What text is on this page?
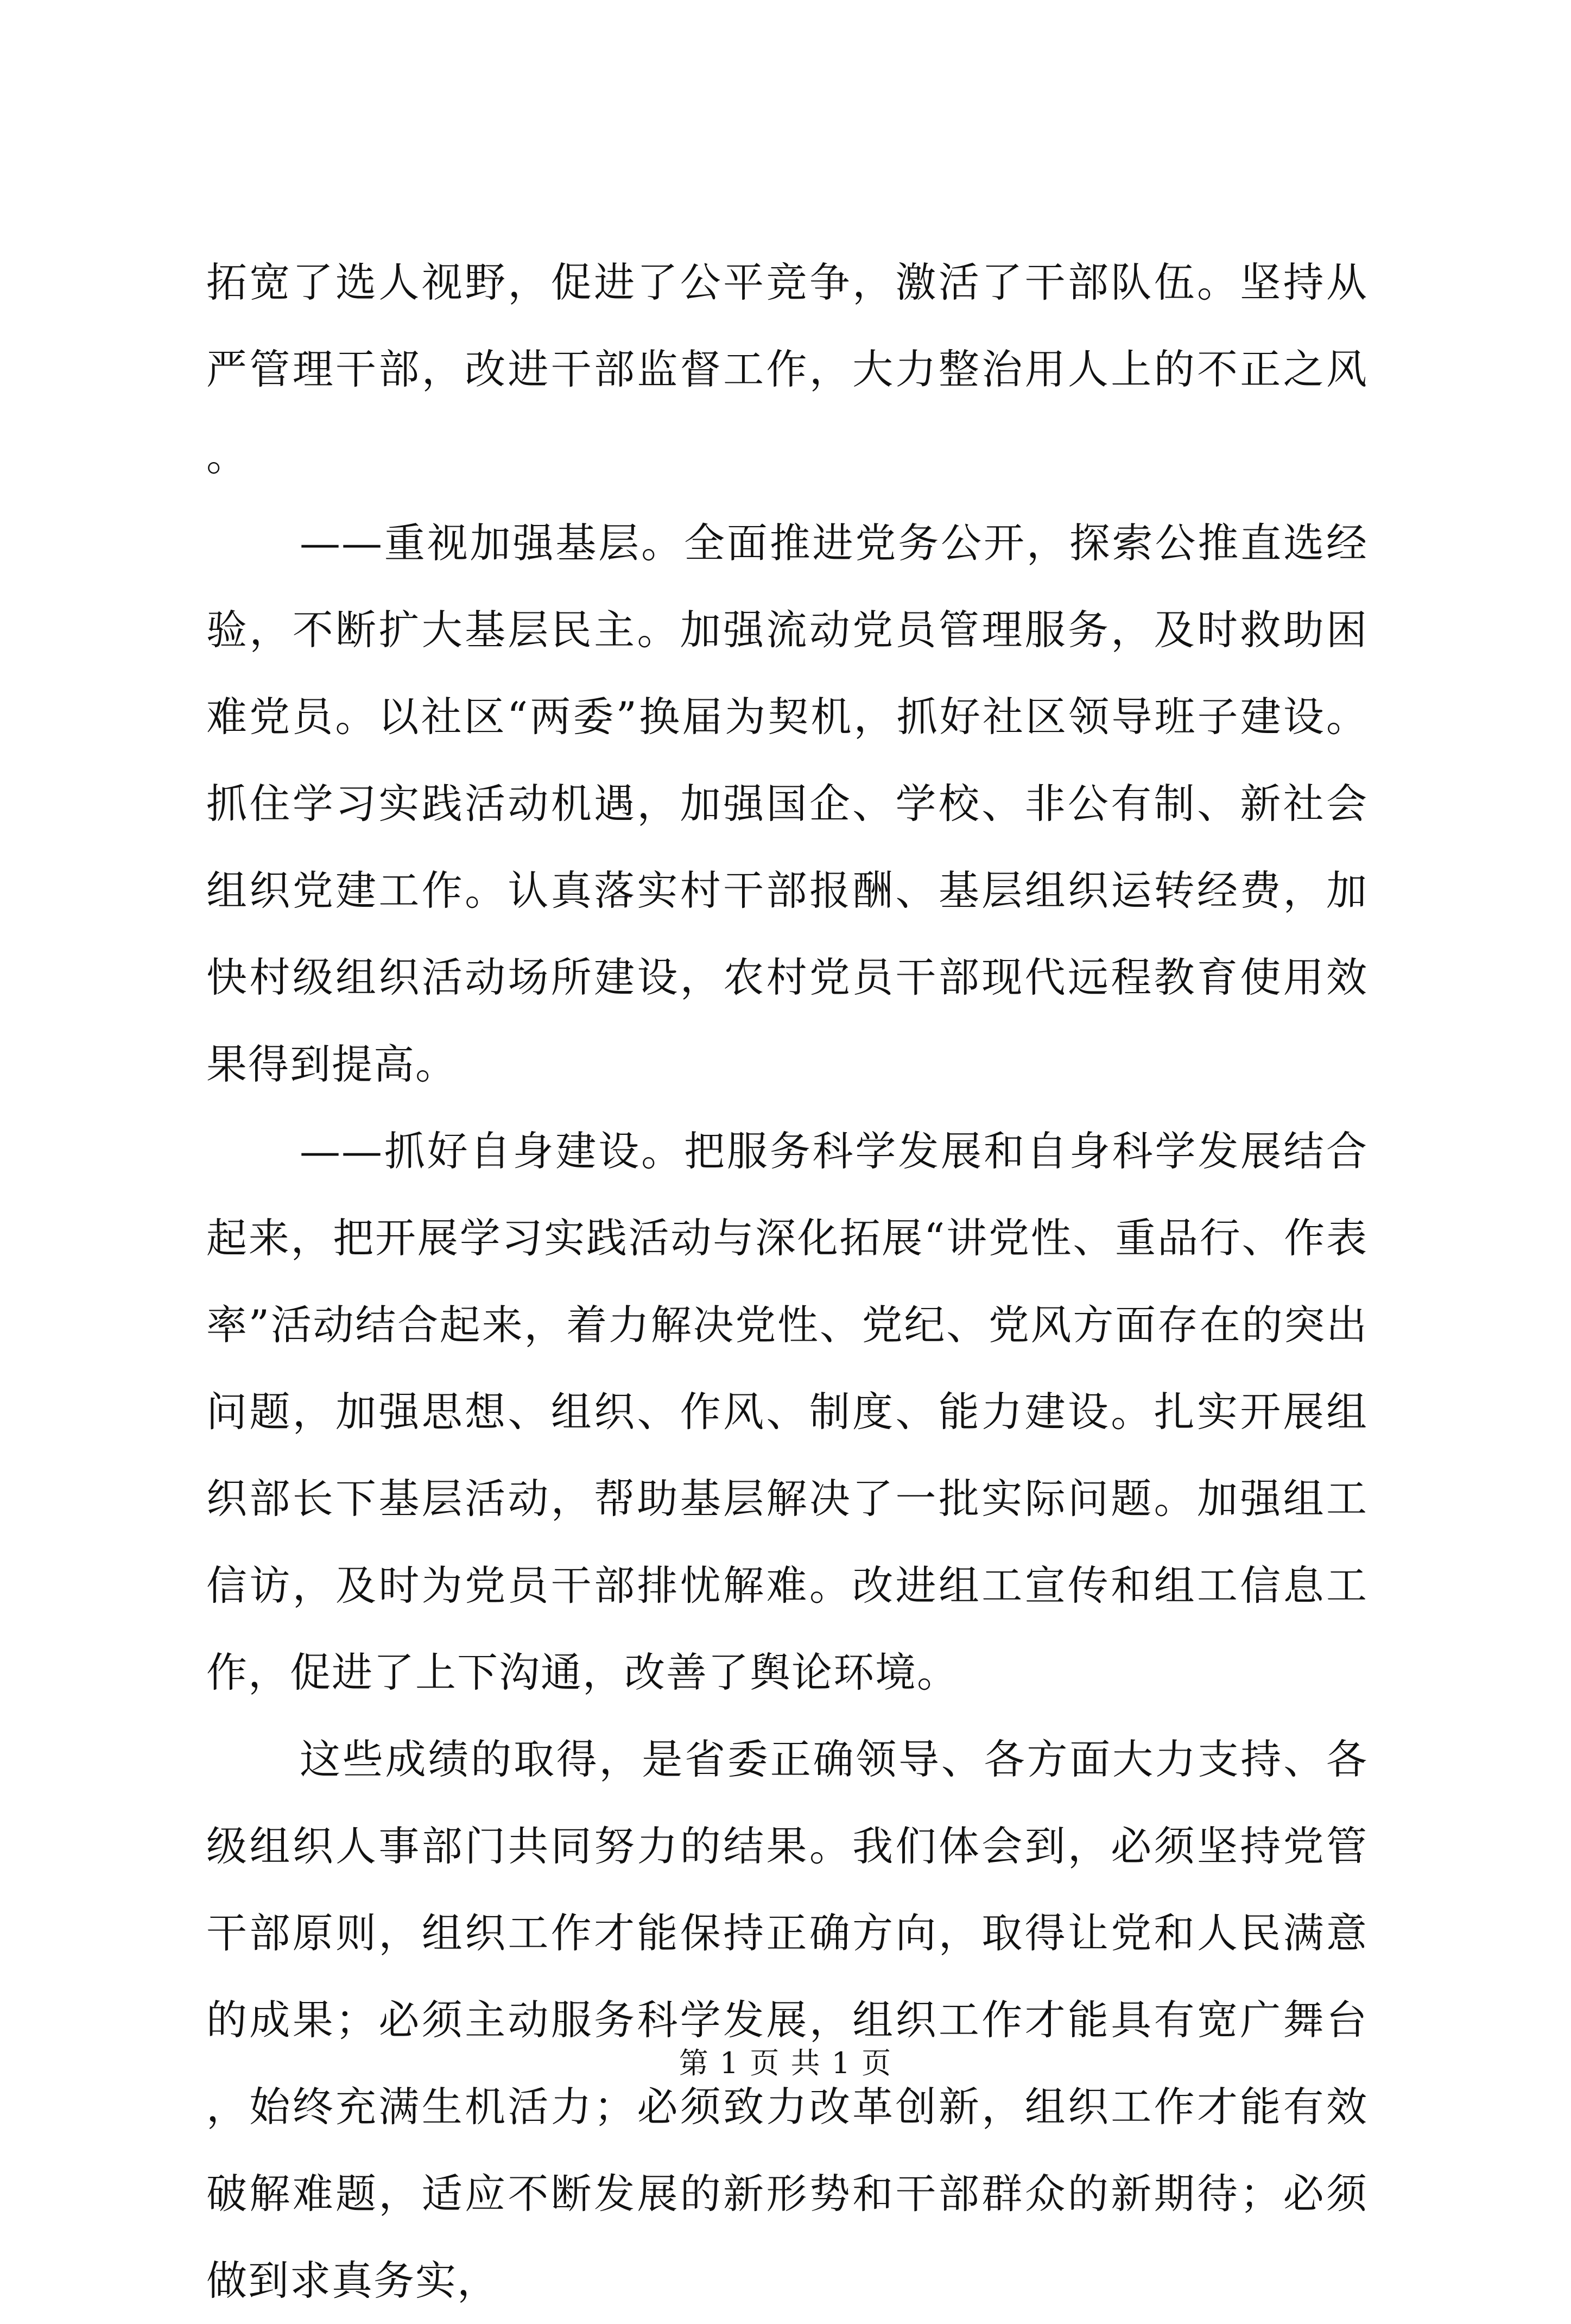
拓宽了选人视野，促进了公平竞争，激活了干部队伍。坚持从严管理干部，改进干部监督工作，大力整治用人上的不正之风。

——重视加强基层。全面推进党务公开，探索公推直选经验，不断扩大基层民主。加强流动党员管理服务，及时救助困难党员。以社区“两委”换届为契机，抓好社区领导班子建设。抓住学习实践活动机遇，加强国企、学校、非公有制、新社会组织党建工作。认真落实村干部报酬、基层组织运转经费，加快村级组织活动场所建设，农村党员干部现代远程教育使用效果得到提高。

——抓好自身建设。把服务科学发展和自身科学发展结合起来，把开展学习实践活动与深化拓展“讲党性、重品行、作表率”活动结合起来，着力解决党性、党纪、党风方面存在的突出问题，加强思想、组织、作风、制度、能力建设。扎实开展组织部长下基层活动，帮助基层解决了一批实际问题。加强组工信访，及时为党员干部排忧解难。改进组工宣传和组工信息工作，促进了上下沟通，改善了舆论环境。

这些成绩的取得，是省委正确领导、各方面大力支持、各级组织人事部门共同努力的结果。我们体会到，必须坚持党管干部原则，组织工作才能保持正确方向，取得让党和人民满意的成果；必须主动服务科学发展，组织工作才能具有宽广舞台，始终充满生机活力；必须致力改革创新，组织工作才能有效破解难题，适应不断发展的新形势和干部群众的新期待；必须做到求真务实，

第 1 页 共 1 页
